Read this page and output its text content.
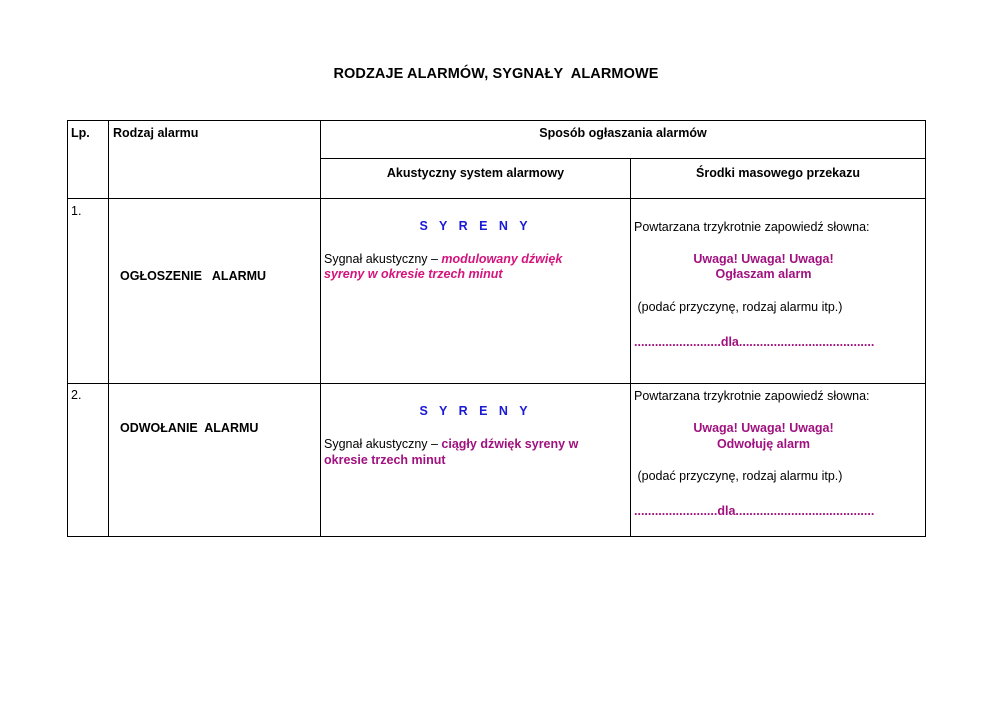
RODZAJE ALARMÓW, SYGNAŁY  ALARMOWE
Lp. Rodzaj alarmu	Sposób ogłaszania alarmów
Akustyczny system alarmowy	Środki masowego przekazu
1.
OGŁOSZENIE   ALARMU
S Y R E N Y
Sygnał akustyczny – modulowany dźwięk
syreny w okresie trzech minut
Powtarzana trzykrotnie zapowiedź słowna:
Uwaga! Uwaga! Uwaga!
Ogłaszam alarm
(podać przyczynę, rodzaj alarmu itp.)
.........................dla.......................................
2.
ODWOŁANIE  ALARMU
S Y R E N Y
Sygnał akustyczny – ciągły dźwięk syreny w
okresie trzech minut
Powtarzana trzykrotnie zapowiedź słowna:
Uwaga! Uwaga! Uwaga!
Odwołuję alarm
(podać przyczynę, rodzaj alarmu itp.)
........................dla........................................
